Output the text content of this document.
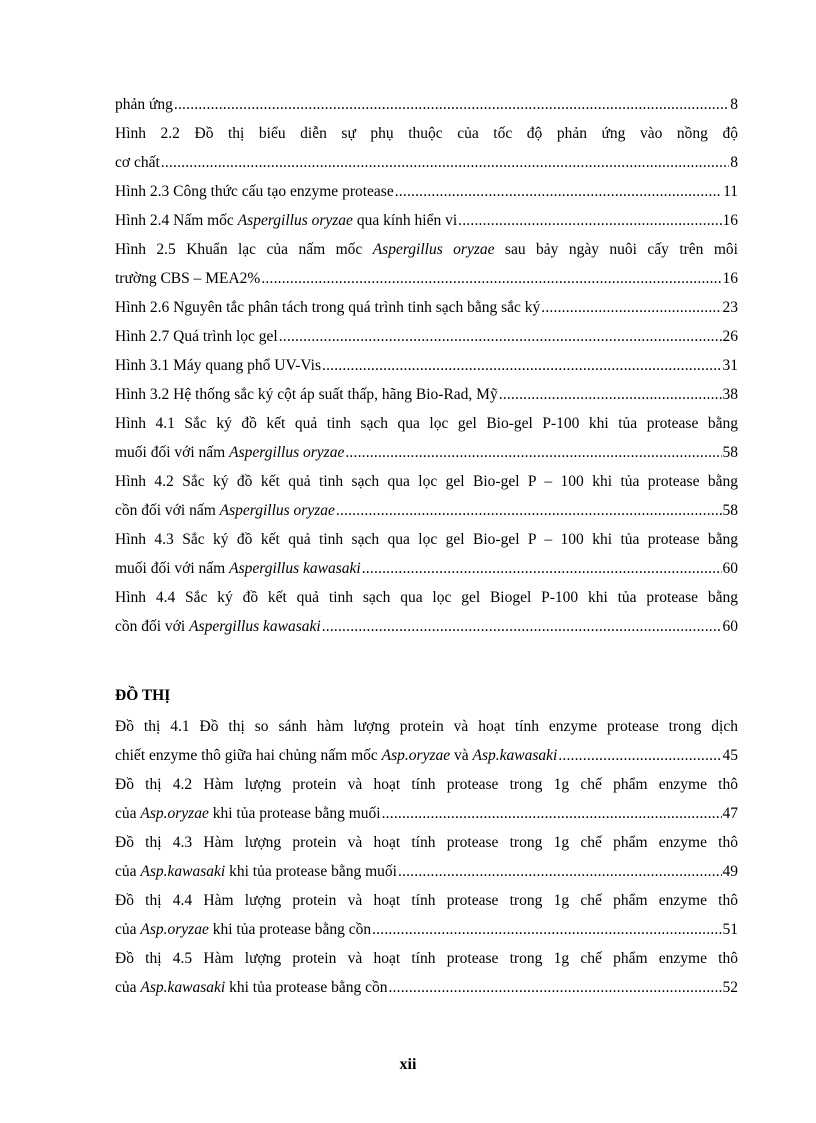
phản ứng .....	8
Hình 2.2 Đồ thị biểu diễn sự phụ thuộc của tốc độ phản ứng vào nồng độ
cơ chất .....	8
Hình 2.3 Công thức cấu tạo enzyme protease .....	11
Hình 2.4 Nấm mốc Aspergillus oryzae qua kính hiển vi .....	16
Hình 2.5 Khuẩn lạc của nấm mốc Aspergillus oryzae sau bảy ngày nuôi cấy trên môi
trường CBS – MEA2% .....	16
Hình 2.6 Nguyên tắc phân tách trong quá trình tinh sạch bằng sắc ký .....	23
Hình 2.7 Quá trình lọc gel .....	26
Hình 3.1 Máy quang phổ UV-Vis .....	31
Hình 3.2 Hệ thống sắc ký cột áp suất thấp, hãng Bio-Rad, Mỹ .....	38
Hình 4.1 Sắc ký đồ kết quả tinh sạch qua lọc gel Bio-gel P-100 khi tủa protease bằng
muối đối với nấm Aspergillus oryzae .....	58
Hình 4.2 Sắc ký đồ kết quả tinh sạch qua lọc gel Bio-gel P – 100 khi tủa protease bằng
cồn đối với nấm Aspergillus oryzae .....	58
Hình 4.3 Sắc ký đồ kết quả tinh sạch qua lọc gel Bio-gel P – 100 khi tủa protease bằng
muối đối với nấm Aspergillus kawasaki .....	60
Hình 4.4 Sắc ký đồ kết quả tinh sạch qua lọc gel Biogel P-100 khi tủa protease bằng
cồn đối với Aspergillus kawasaki .....	60
ĐỒ THỊ
Đồ thị 4.1 Đồ thị so sánh hàm lượng protein và hoạt tính enzyme protease trong dịch
chiết enzyme thô giữa hai chủng nấm mốc Asp.oryzae và Asp.kawasaki .....	45
Đồ thị 4.2 Hàm lượng protein và hoạt tính protease trong 1g chế phẩm enzyme thô
của Asp.oryzae khi tủa protease bằng muối .....	47
Đồ thị 4.3 Hàm lượng protein và hoạt tính protease trong 1g chế phẩm enzyme thô
của Asp.kawasaki khi tủa protease bằng muối .....	49
Đồ thị 4.4 Hàm lượng protein và hoạt tính protease trong 1g chế phẩm enzyme thô
của Asp.oryzae khi tủa protease bằng cồn .....	51
Đồ thị 4.5 Hàm lượng protein và hoạt tính protease trong 1g chế phẩm enzyme thô
của Asp.kawasaki khi tủa protease bằng cồn .....	52
xii
